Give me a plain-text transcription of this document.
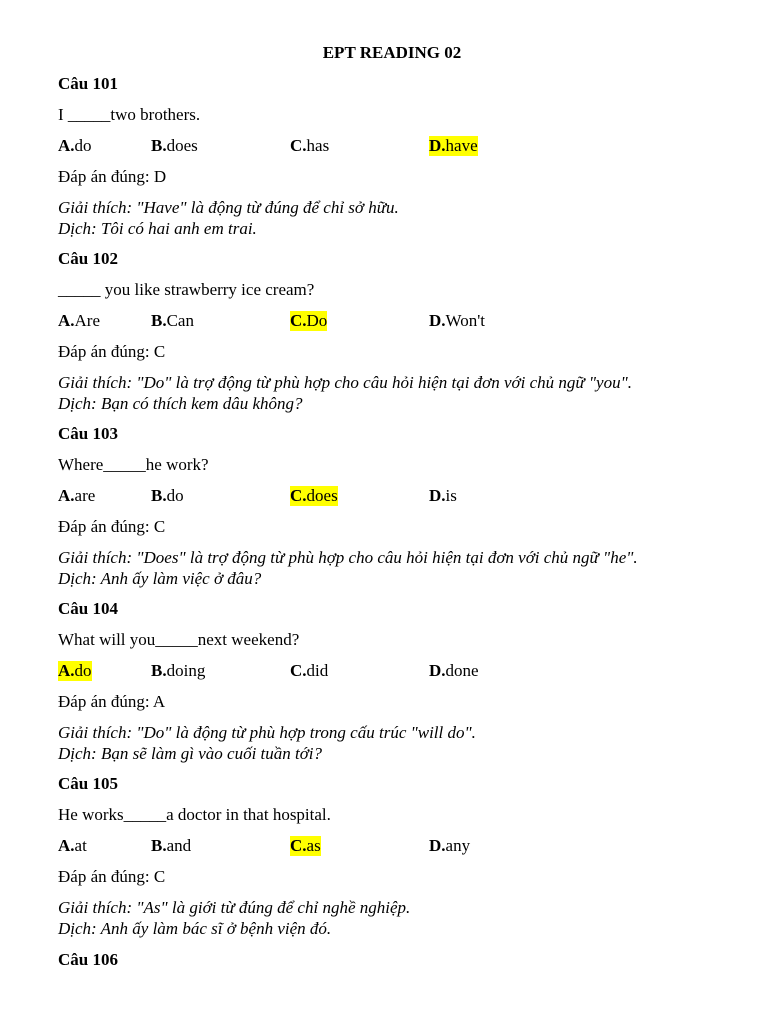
EPT READING 02
Câu 101
I _____two brothers.
A.do	B.does	C.has	D.have
Đáp án đúng: D
Giải thích: "Have" là động từ đúng để chỉ sở hữu.
Dịch: Tôi có hai anh em trai.
Câu 102
_____ you like strawberry ice cream?
A.Are	B.Can	C.Do	D.Won't
Đáp án đúng: C
Giải thích: "Do" là trợ động từ phù hợp cho câu hỏi hiện tại đơn với chủ ngữ "you".
Dịch: Bạn có thích kem dâu không?
Câu 103
Where_____he work?
A.are	B.do	C.does	D.is
Đáp án đúng: C
Giải thích: "Does" là trợ động từ phù hợp cho câu hỏi hiện tại đơn với chủ ngữ "he".
Dịch: Anh ấy làm việc ở đâu?
Câu 104
What will you_____next weekend?
A.do	B.doing	C.did	D.done
Đáp án đúng: A
Giải thích: "Do" là động từ phù hợp trong cấu trúc "will do".
Dịch: Bạn sẽ làm gì vào cuối tuần tới?
Câu 105
He works_____a doctor in that hospital.
A.at	B.and	C.as	D.any
Đáp án đúng: C
Giải thích: "As" là giới từ đúng để chỉ nghề nghiệp.
Dịch: Anh ấy làm bác sĩ ở bệnh viện đó.
Câu 106
